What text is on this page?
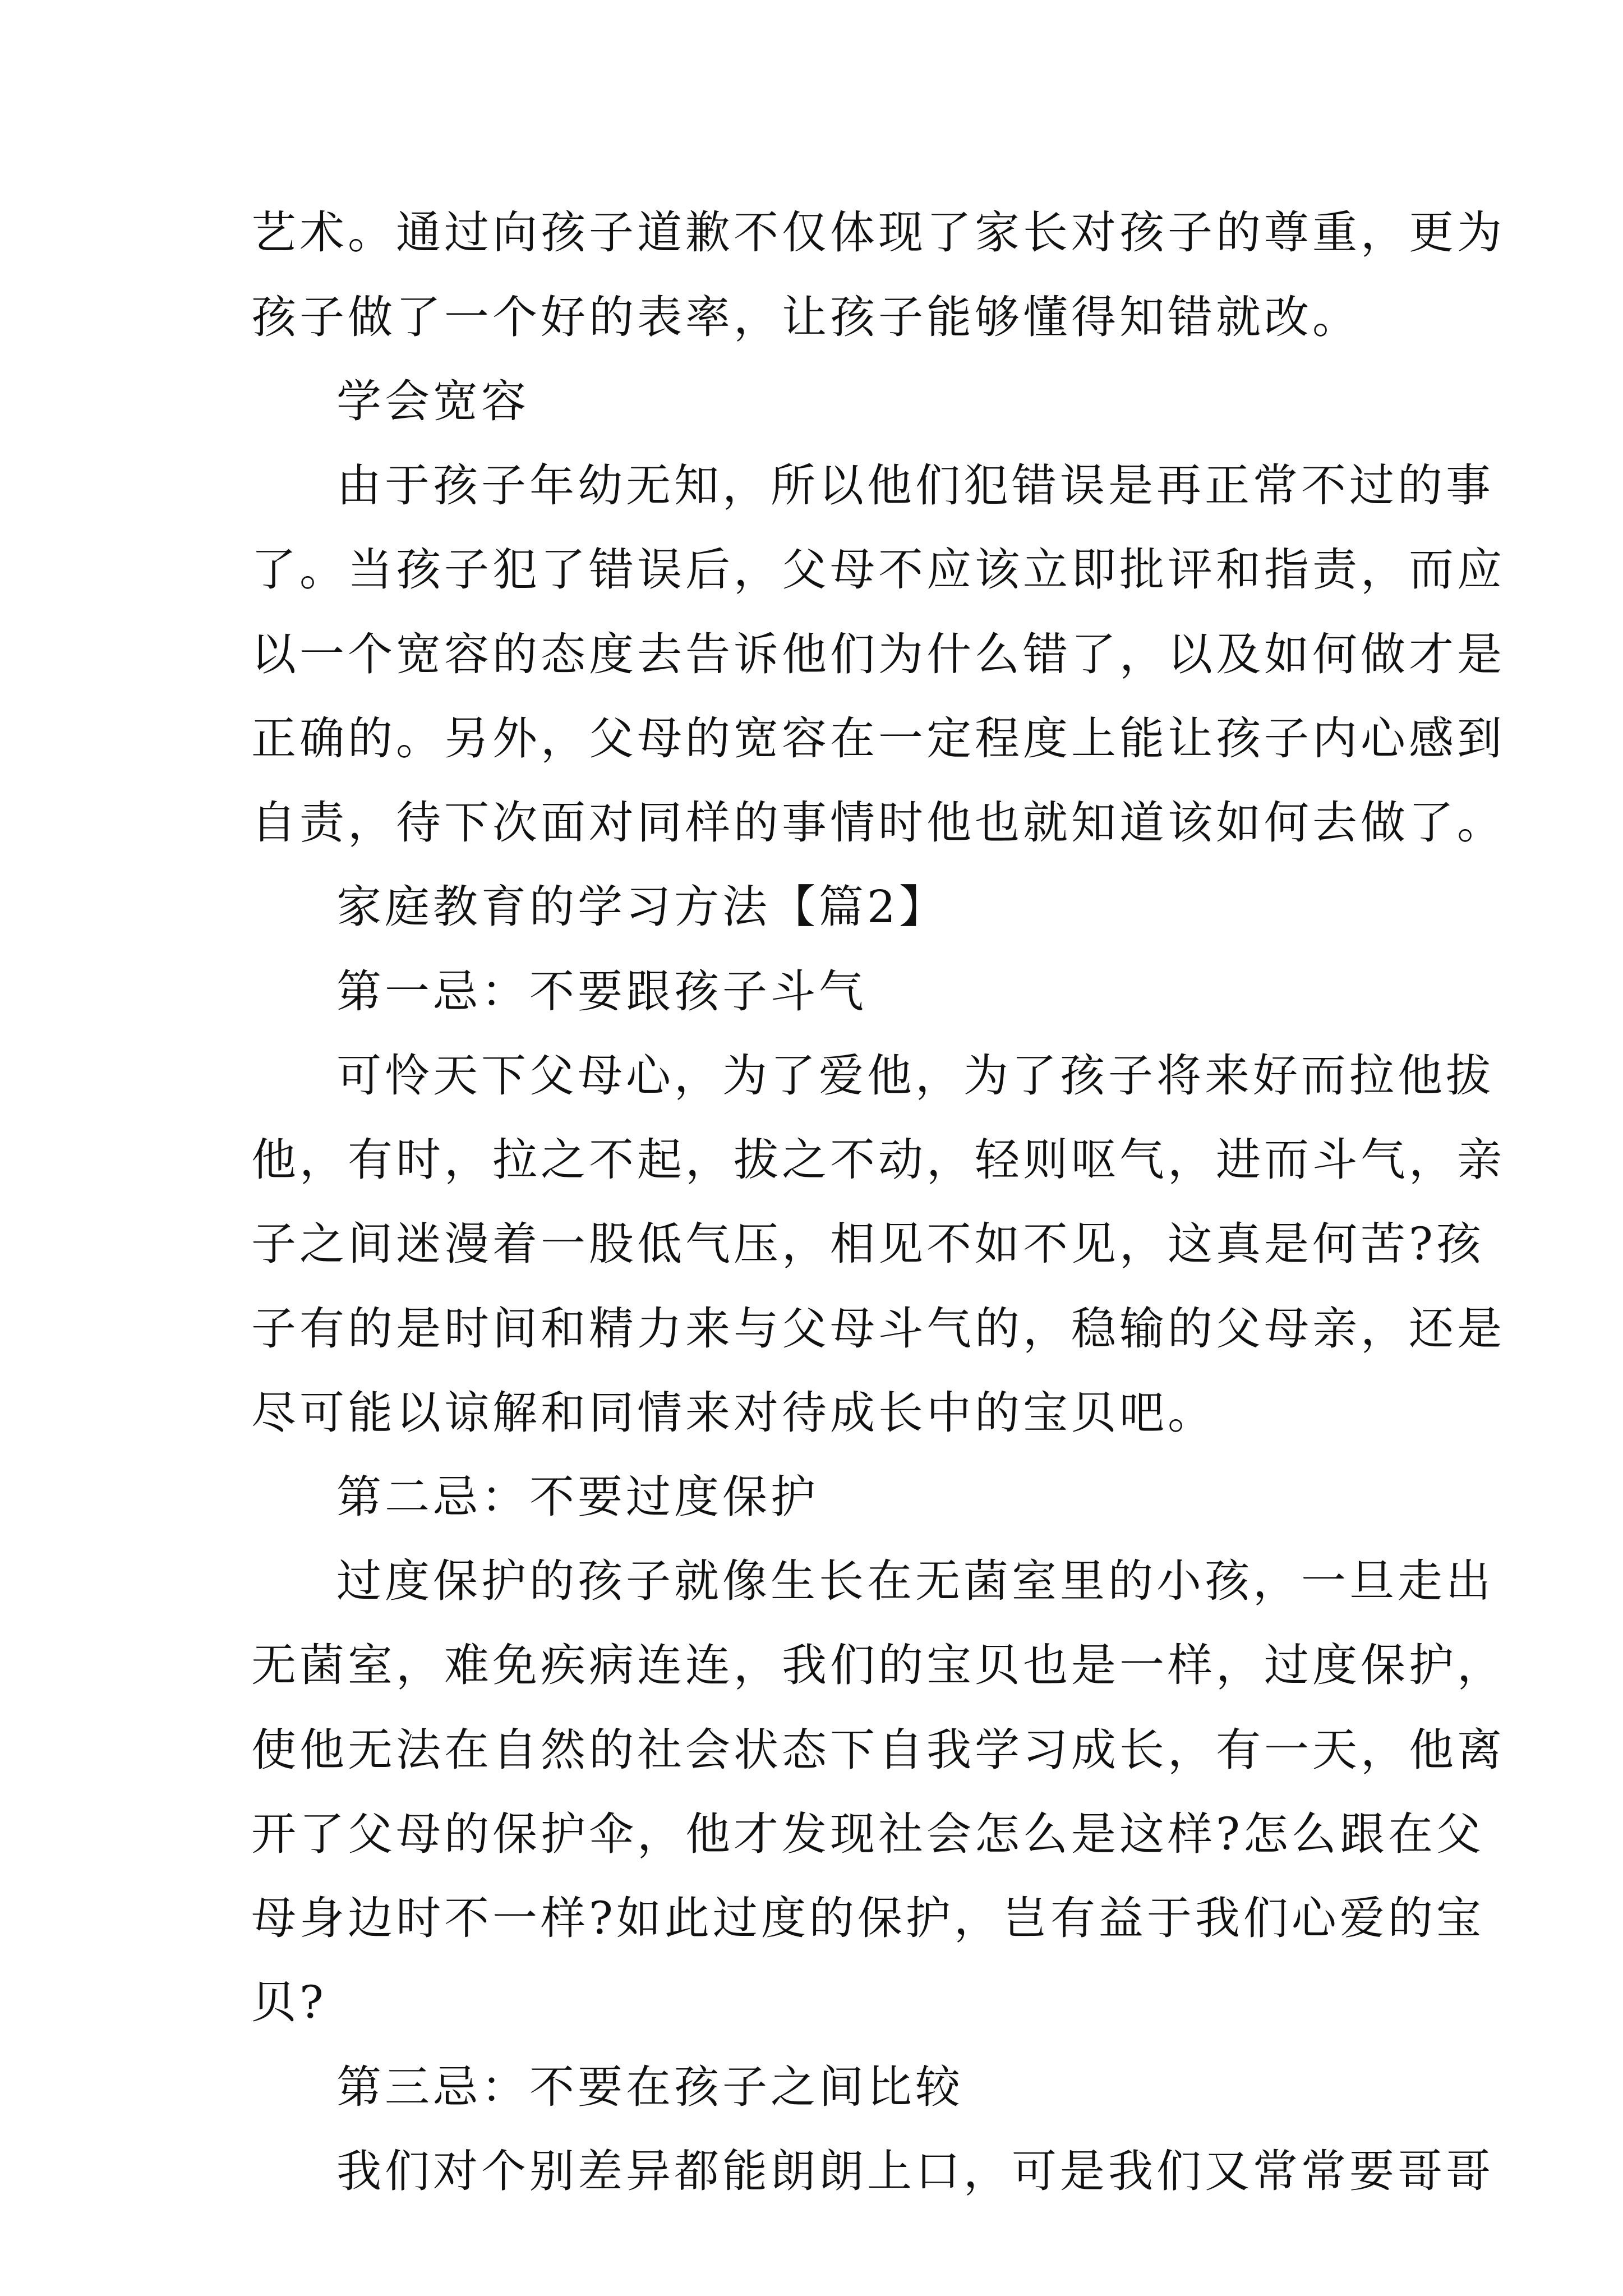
艺术。通过向孩子道歉不仅体现了家长对孩子的尊重，更为
孩子做了一个好的表率，让孩子能够懂得知错就改。
学会宽容
由于孩子年幼无知，所以他们犯错误是再正常不过的事
了。当孩子犯了错误后，父母不应该立即批评和指责，而应
以一个宽容的态度去告诉他们为什么错了，以及如何做才是
正确的。另外，父母的宽容在一定程度上能让孩子内心感到
自责，待下次面对同样的事情时他也就知道该如何去做了。
家庭教育的学习方法【篇2】
第一忌：不要跟孩子斗气
可怜天下父母心，为了爱他，为了孩子将来好而拉他拔
他，有时，拉之不起，拔之不动，轻则呕气，进而斗气，亲
子之间迷漫着一股低气压，相见不如不见，这真是何苦?孩
子有的是时间和精力来与父母斗气的，稳输的父母亲，还是
尽可能以谅解和同情来对待成长中的宝贝吧。
第二忌：不要过度保护
过度保护的孩子就像生长在无菌室里的小孩，一旦走出
无菌室，难免疾病连连，我们的宝贝也是一样，过度保护，
使他无法在自然的社会状态下自我学习成长，有一天，他离
开了父母的保护伞，他才发现社会怎么是这样?怎么跟在父
母身边时不一样?如此过度的保护，岂有益于我们心爱的宝
贝?
第三忌：不要在孩子之间比较
我们对个别差异都能朗朗上口，可是我们又常常要哥哥
